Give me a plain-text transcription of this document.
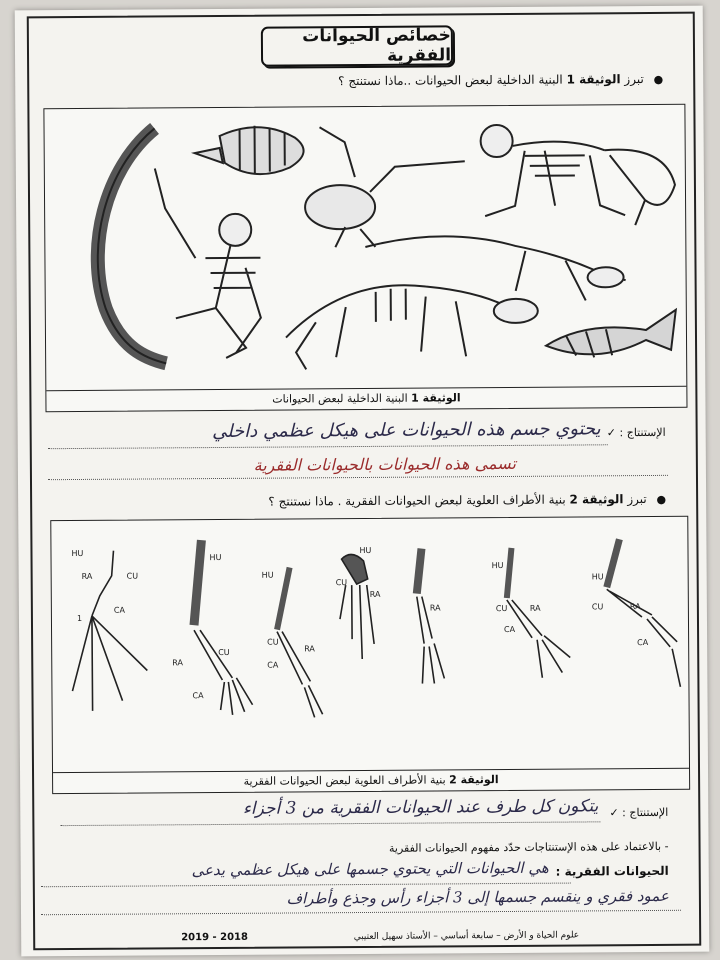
خصائص الحيوانات الفقرية
● تبرز الوثيقة 1 البنية الداخلية لبعض الحيوانات ..ماذا نستنتج ؟
الوثيقة 1 البنية الداخلية لبعض الحيوانات
الإستنتاج : ✓
يحتوي جسم هذه الحيوانات على هيكل عظمي داخلي
تسمى هذه الحيوانات بالحيوانات الفقرية
● تبرز الوثيقة 2 بنية الأطراف العلوية لبعض الحيوانات الفقرية . ماذا نستنتج ؟
HU
RA	CU
CA
1
HU
RA
CU
CA
HU
RA
CU
CA
HU
CU
RA
RA
HU
CU	RA
CA
HU
CU	RA
CA
الوثيقة 2 بنية الأطراف العلوية لبعض الحيوانات الفقرية
الإستنتاج : ✓
يتكون كل طرف عند الحيوانات الفقرية من 3 أجزاء
- بالاعتماد على هذه الإستنتاجات حدّد مفهوم الحيوانات الفقرية
الحيوانات الفقرية :
هي الحيوانات التي يحتوي جسمها على هيكل عظمي يدعى
عمود فقري و ينقسم جسمها إلى 3 أجزاء رأس وجذع وأطراف
علوم الحياة و الأرض – سابعة أساسي – الأستاذ سهيل العتيبي
2019 - 2018
